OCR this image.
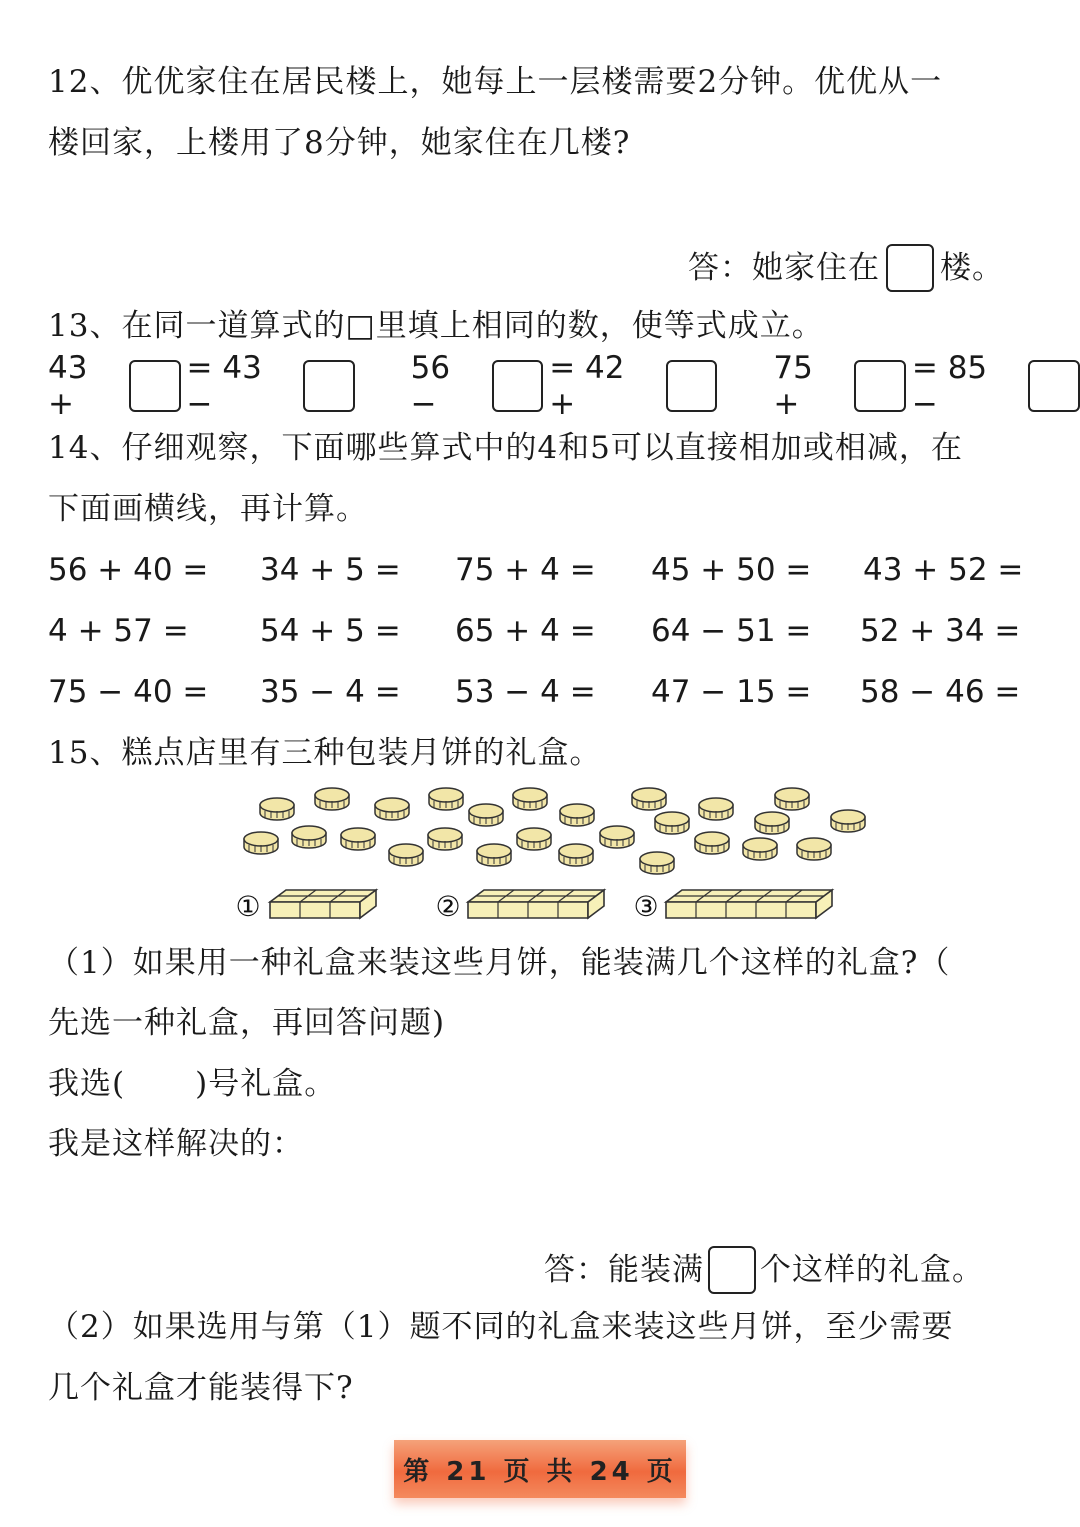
12、优优家住在居民楼上，她每上一层楼需要2分钟。优优从一
楼回家，上楼用了8分钟，她家住在几楼?
答：她家住在 楼。
13、在同一道算式的□里填上相同的数，使等式成立。
43 +
= 43 −
56 −
= 42 +
75 +
= 85 −
14、仔细观察，下面哪些算式中的4和5可以直接相加或相减，在
下面画横线，再计算。
56 + 40 = 34 + 5 = 75 + 4 = 45 + 50 = 43 + 52 =
4 + 57 = 54 + 5 = 65 + 4 = 64 − 51 = 52 + 34 =
75 − 40 = 35 − 4 = 53 − 4 = 47 − 15 = 58 − 46 =
15、糕点店里有三种包装月饼的礼盒。
①	②	③
（1）如果用一种礼盒来装这些月饼，能装满几个这样的礼盒?（
先选一种礼盒，再回答问题)
我选( )号礼盒。
我是这样解决的：
答：能装满 个这样的礼盒。
（2）如果选用与第（1）题不同的礼盒来装这些月饼，至少需要
几个礼盒才能装得下?
第 21 页 共 24 页
